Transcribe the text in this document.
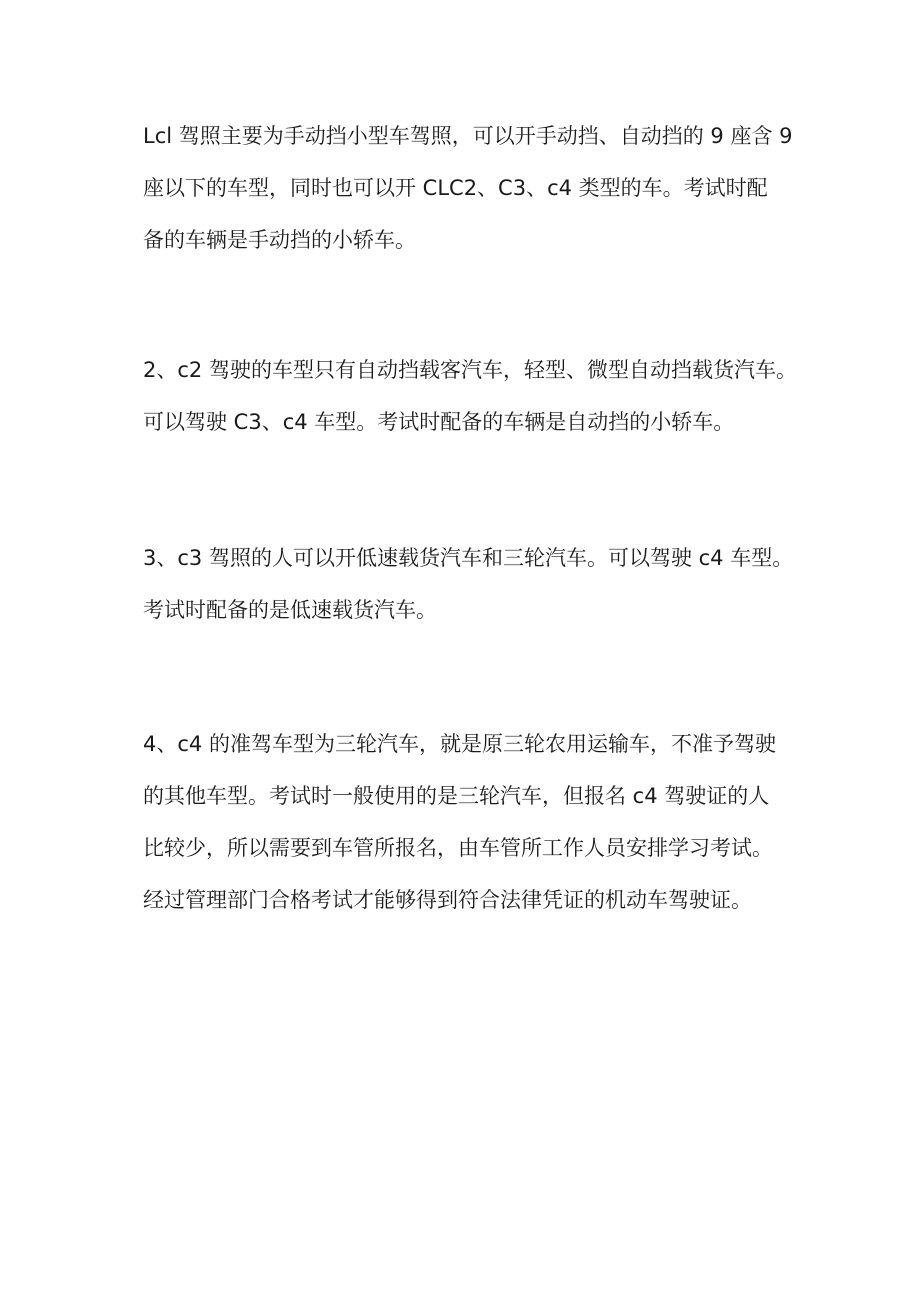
Lcl 驾照主要为手动挡小型车驾照，可以开手动挡、自动挡的 9 座含 9
座以下的车型，同时也可以开 CLC2、C3、c4 类型的车。考试时配
备的车辆是手动挡的小轿车。
2、c2 驾驶的车型只有自动挡载客汽车，轻型、微型自动挡载货汽车。
可以驾驶 C3、c4 车型。考试时配备的车辆是自动挡的小轿车。
3、c3 驾照的人可以开低速载货汽车和三轮汽车。可以驾驶 c4 车型。
考试时配备的是低速载货汽车。
4、c4 的准驾车型为三轮汽车，就是原三轮农用运输车，不准予驾驶
的其他车型。考试时一般使用的是三轮汽车，但报名 c4 驾驶证的人
比较少，所以需要到车管所报名，由车管所工作人员安排学习考试。
经过管理部门合格考试才能够得到符合法律凭证的机动车驾驶证。
